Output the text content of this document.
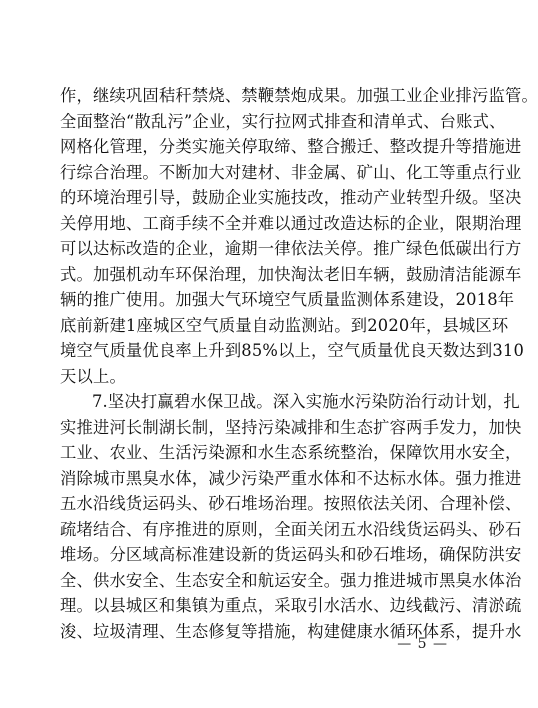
作，继续巩固秸秆禁烧、禁鞭禁炮成果。加强工业企业排污监管。
全面整治“散乱污”企业，实行拉网式排查和清单式、台账式、
网格化管理，分类实施关停取缔、整合搬迁、整改提升等措施进
行综合治理。不断加大对建材、非金属、矿山、化工等重点行业
的环境治理引导，鼓励企业实施技改，推动产业转型升级。坚决
关停用地、工商手续不全并难以通过改造达标的企业，限期治理
可以达标改造的企业，逾期一律依法关停。推广绿色低碳出行方
式。加强机动车环保治理，加快淘汰老旧车辆，鼓励清洁能源车
辆的推广使用。加强大气环境空气质量监测体系建设，2018年
底前新建1座城区空气质量自动监测站。到2020年，县城区环
境空气质量优良率上升到85%以上，空气质量优良天数达到310
天以上。
7.坚决打赢碧水保卫战。深入实施水污染防治行动计划，扎
实推进河长制湖长制，坚持污染减排和生态扩容两手发力，加快
工业、农业、生活污染源和水生态系统整治，保障饮用水安全，
消除城市黑臭水体，减少污染严重水体和不达标水体。强力推进
五水沿线货运码头、砂石堆场治理。按照依法关闭、合理补偿、
疏堵结合、有序推进的原则，全面关闭五水沿线货运码头、砂石
堆场。分区域高标准建设新的货运码头和砂石堆场，确保防洪安
全、供水安全、生态安全和航运安全。强力推进城市黑臭水体治
理。以县城区和集镇为重点，采取引水活水、边线截污、清淤疏
浚、垃圾清理、生态修复等措施，构建健康水循环体系，提升水
— 5 —
